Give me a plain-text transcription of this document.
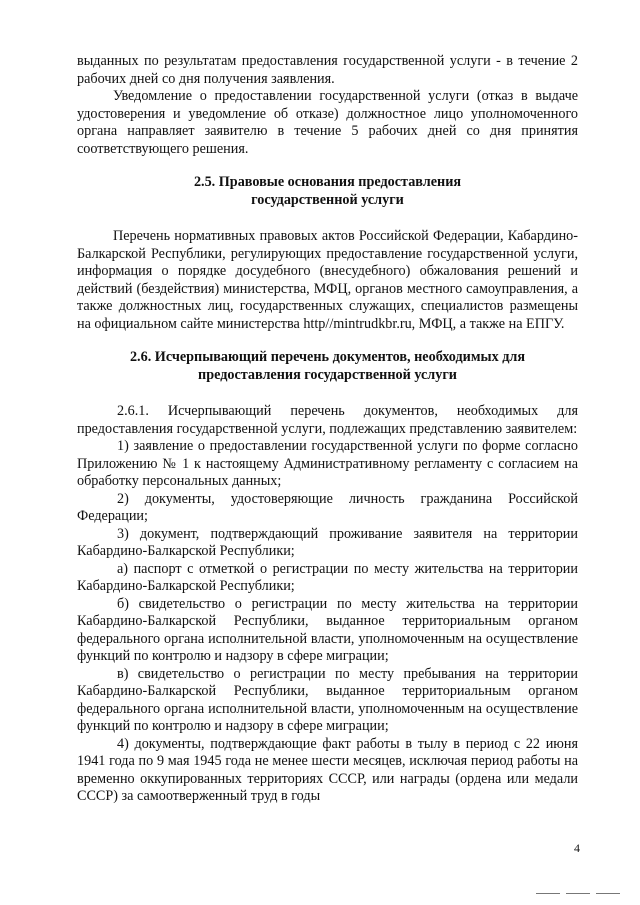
выданных по результатам предоставления государственной услуги - в течение 2 рабочих дней со дня получения заявления.

Уведомление о предоставлении государственной услуги (отказ в выдаче удостоверения и уведомление об отказе) должностное лицо уполномоченного органа направляет заявителю в течение 5 рабочих дней со дня принятия соответствующего решения.

2.5. Правовые основания предоставления государственной услуги

Перечень нормативных правовых актов Российской Федерации, Кабардино-Балкарской Республики, регулирующих предоставление государственной услуги, информация о порядке досудебного (внесудебного) обжалования решений и действий (бездействия) министерства, МФЦ, органов местного самоуправления, а также должностных лиц, государственных служащих, специалистов размещены на официальном сайте министерства http//mintrudkbr.ru, МФЦ, а также на ЕПГУ.

2.6. Исчерпывающий перечень документов, необходимых для предоставления государственной услуги

2.6.1. Исчерпывающий перечень документов, необходимых для предоставления государственной услуги, подлежащих представлению заявителем:

1) заявление о предоставлении государственной услуги по форме согласно Приложению № 1 к настоящему Административному регламенту с согласием на обработку персональных данных;

2) документы, удостоверяющие личность гражданина Российской Федерации;

3) документ, подтверждающий проживание заявителя на территории Кабардино-Балкарской Республики;

а) паспорт с отметкой о регистрации по месту жительства на территории Кабардино-Балкарской Республики;

б) свидетельство о регистрации по месту жительства на территории Кабардино-Балкарской Республики, выданное территориальным органом федерального органа исполнительной власти, уполномоченным на осуществление функций по контролю и надзору в сфере миграции;

в) свидетельство о регистрации по месту пребывания на территории Кабардино-Балкарской Республики, выданное территориальным органом федерального органа исполнительной власти, уполномоченным на осуществление функций по контролю и надзору в сфере миграции;

4) документы, подтверждающие факт работы в тылу в период с 22 июня 1941 года по 9 мая 1945 года не менее шести месяцев, исключая период работы на временно оккупированных территориях СССР, или награды (ордена или медали СССР) за самоотверженный труд в годы

4
